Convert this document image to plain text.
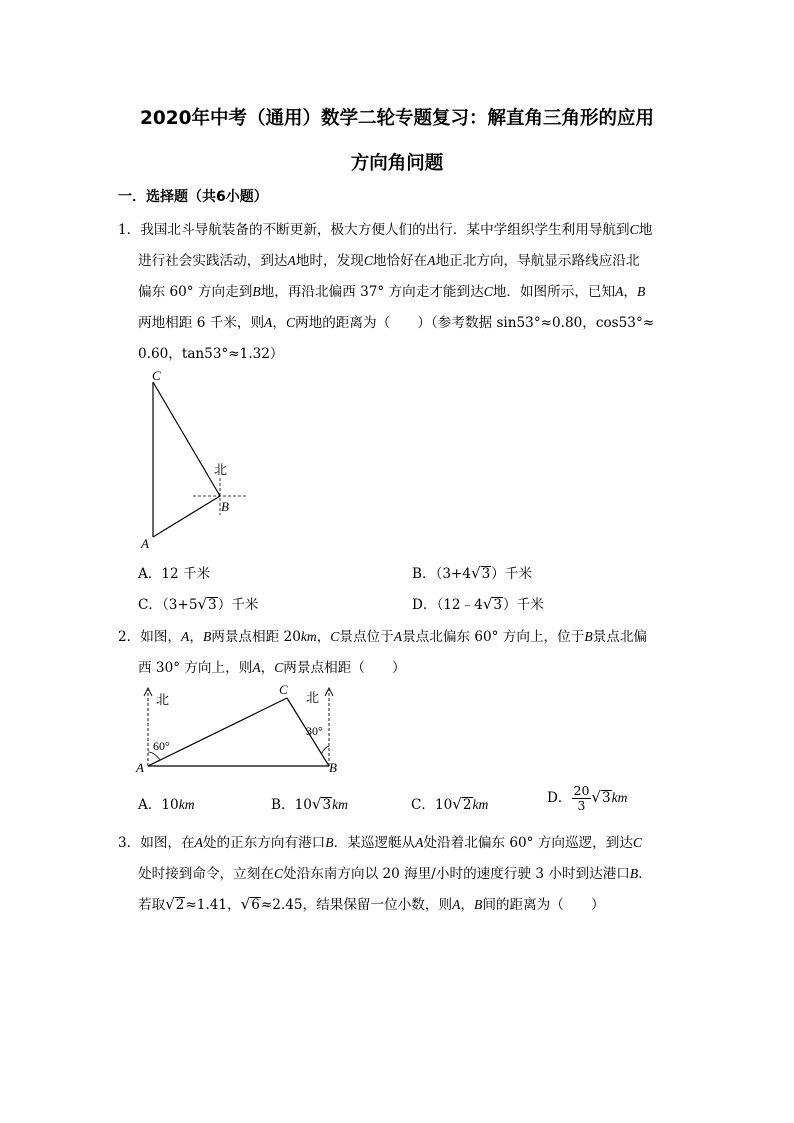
2020年中考（通用）数学二轮专题复习：解直角三角形的应用
方向角问题
一．选择题（共6小题）
1．我国北斗导航装备的不断更新，极大方便人们的出行．某中学组织学生利用导航到C地
进行社会实践活动，到达A地时，发现C地恰好在A地正北方向，导航显示路线应沿北
偏东 60° 方向走到B地，再沿北偏西 37° 方向走才能到达C地．如图所示，已知A，B
两地相距 6 千米，则A，C两地的距离为（　　）（参考数据 sin53°≈0.80，cos53°≈
0.60，tan53°≈1.32）
C
北
B
A
A．12 千米	B．（3+4√3）千米
C．（3+5√3）千米	D．（12﹣4√3）千米
2．如图，A，B两景点相距 20km，C景点位于A景点北偏东 60° 方向上，位于B景点北偏
西 30° 方向上，则A，C两景点相距（　　）
北	北
60°
30°
C
A	B
A．10km	B．10√3km	C．10√2km	D． $\frac{20}{3} √3km$
3．如图，在A处的正东方向有港口B．某巡逻艇从A处沿着北偏东 60° 方向巡逻，到达C
处时接到命令，立刻在C处沿东南方向以 20 海里/小时的速度行驶 3 小时到达港口B．
若取√2≈1.41，√6≈2.45，结果保留一位小数，则A，B间的距离为（　　）
